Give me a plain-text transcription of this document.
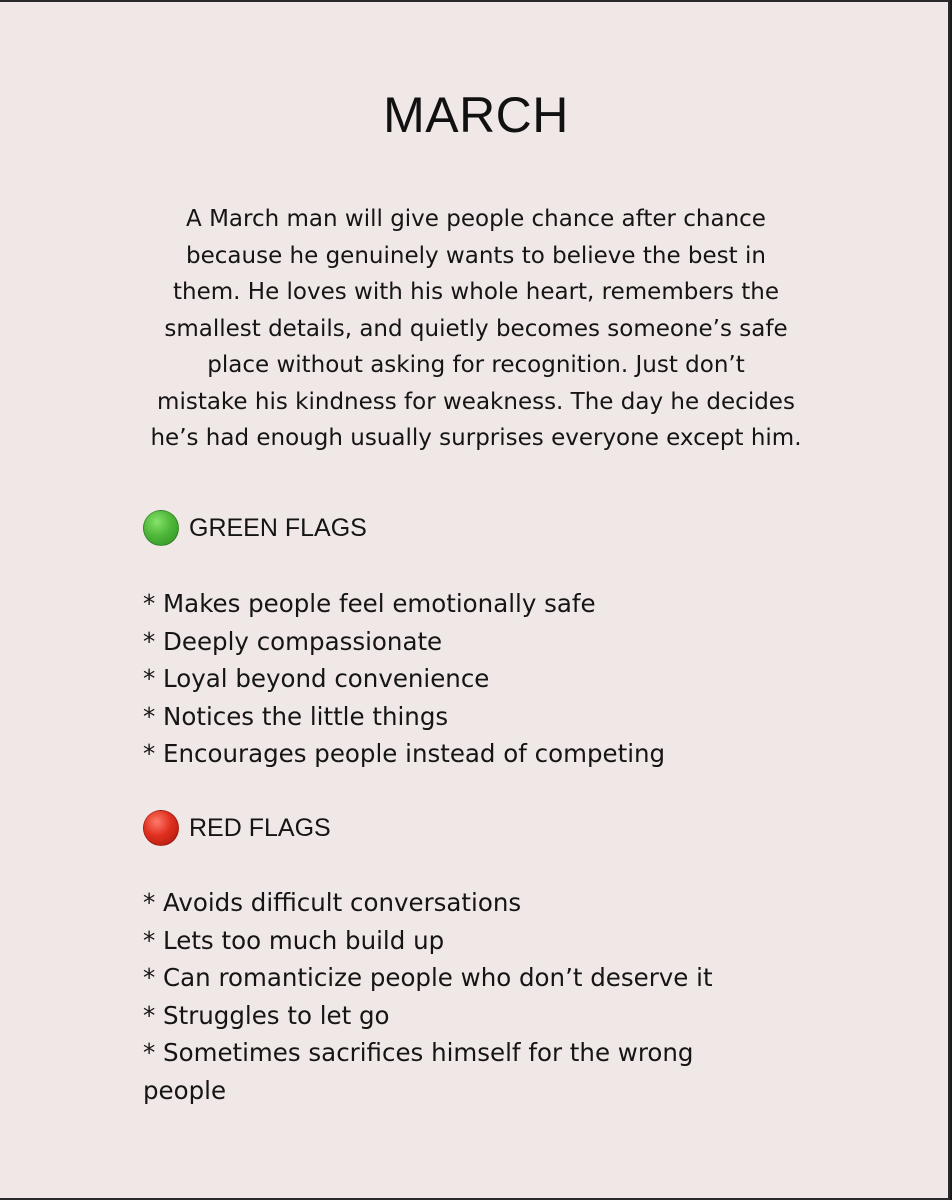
MARCH
A March man will give people chance after chance
because he genuinely wants to believe the best in
them. He loves with his whole heart, remembers the
smallest details, and quietly becomes someone’s safe
place without asking for recognition. Just don’t
mistake his kindness for weakness. The day he decides
he’s had enough usually surprises everyone except him.
GREEN FLAGS
* Makes people feel emotionally safe
* Deeply compassionate
* Loyal beyond convenience
* Notices the little things
* Encourages people instead of competing
RED FLAGS
* Avoids difficult conversations
* Lets too much build up
* Can romanticize people who don’t deserve it
* Struggles to let go
* Sometimes sacrifices himself for the wrong
people
